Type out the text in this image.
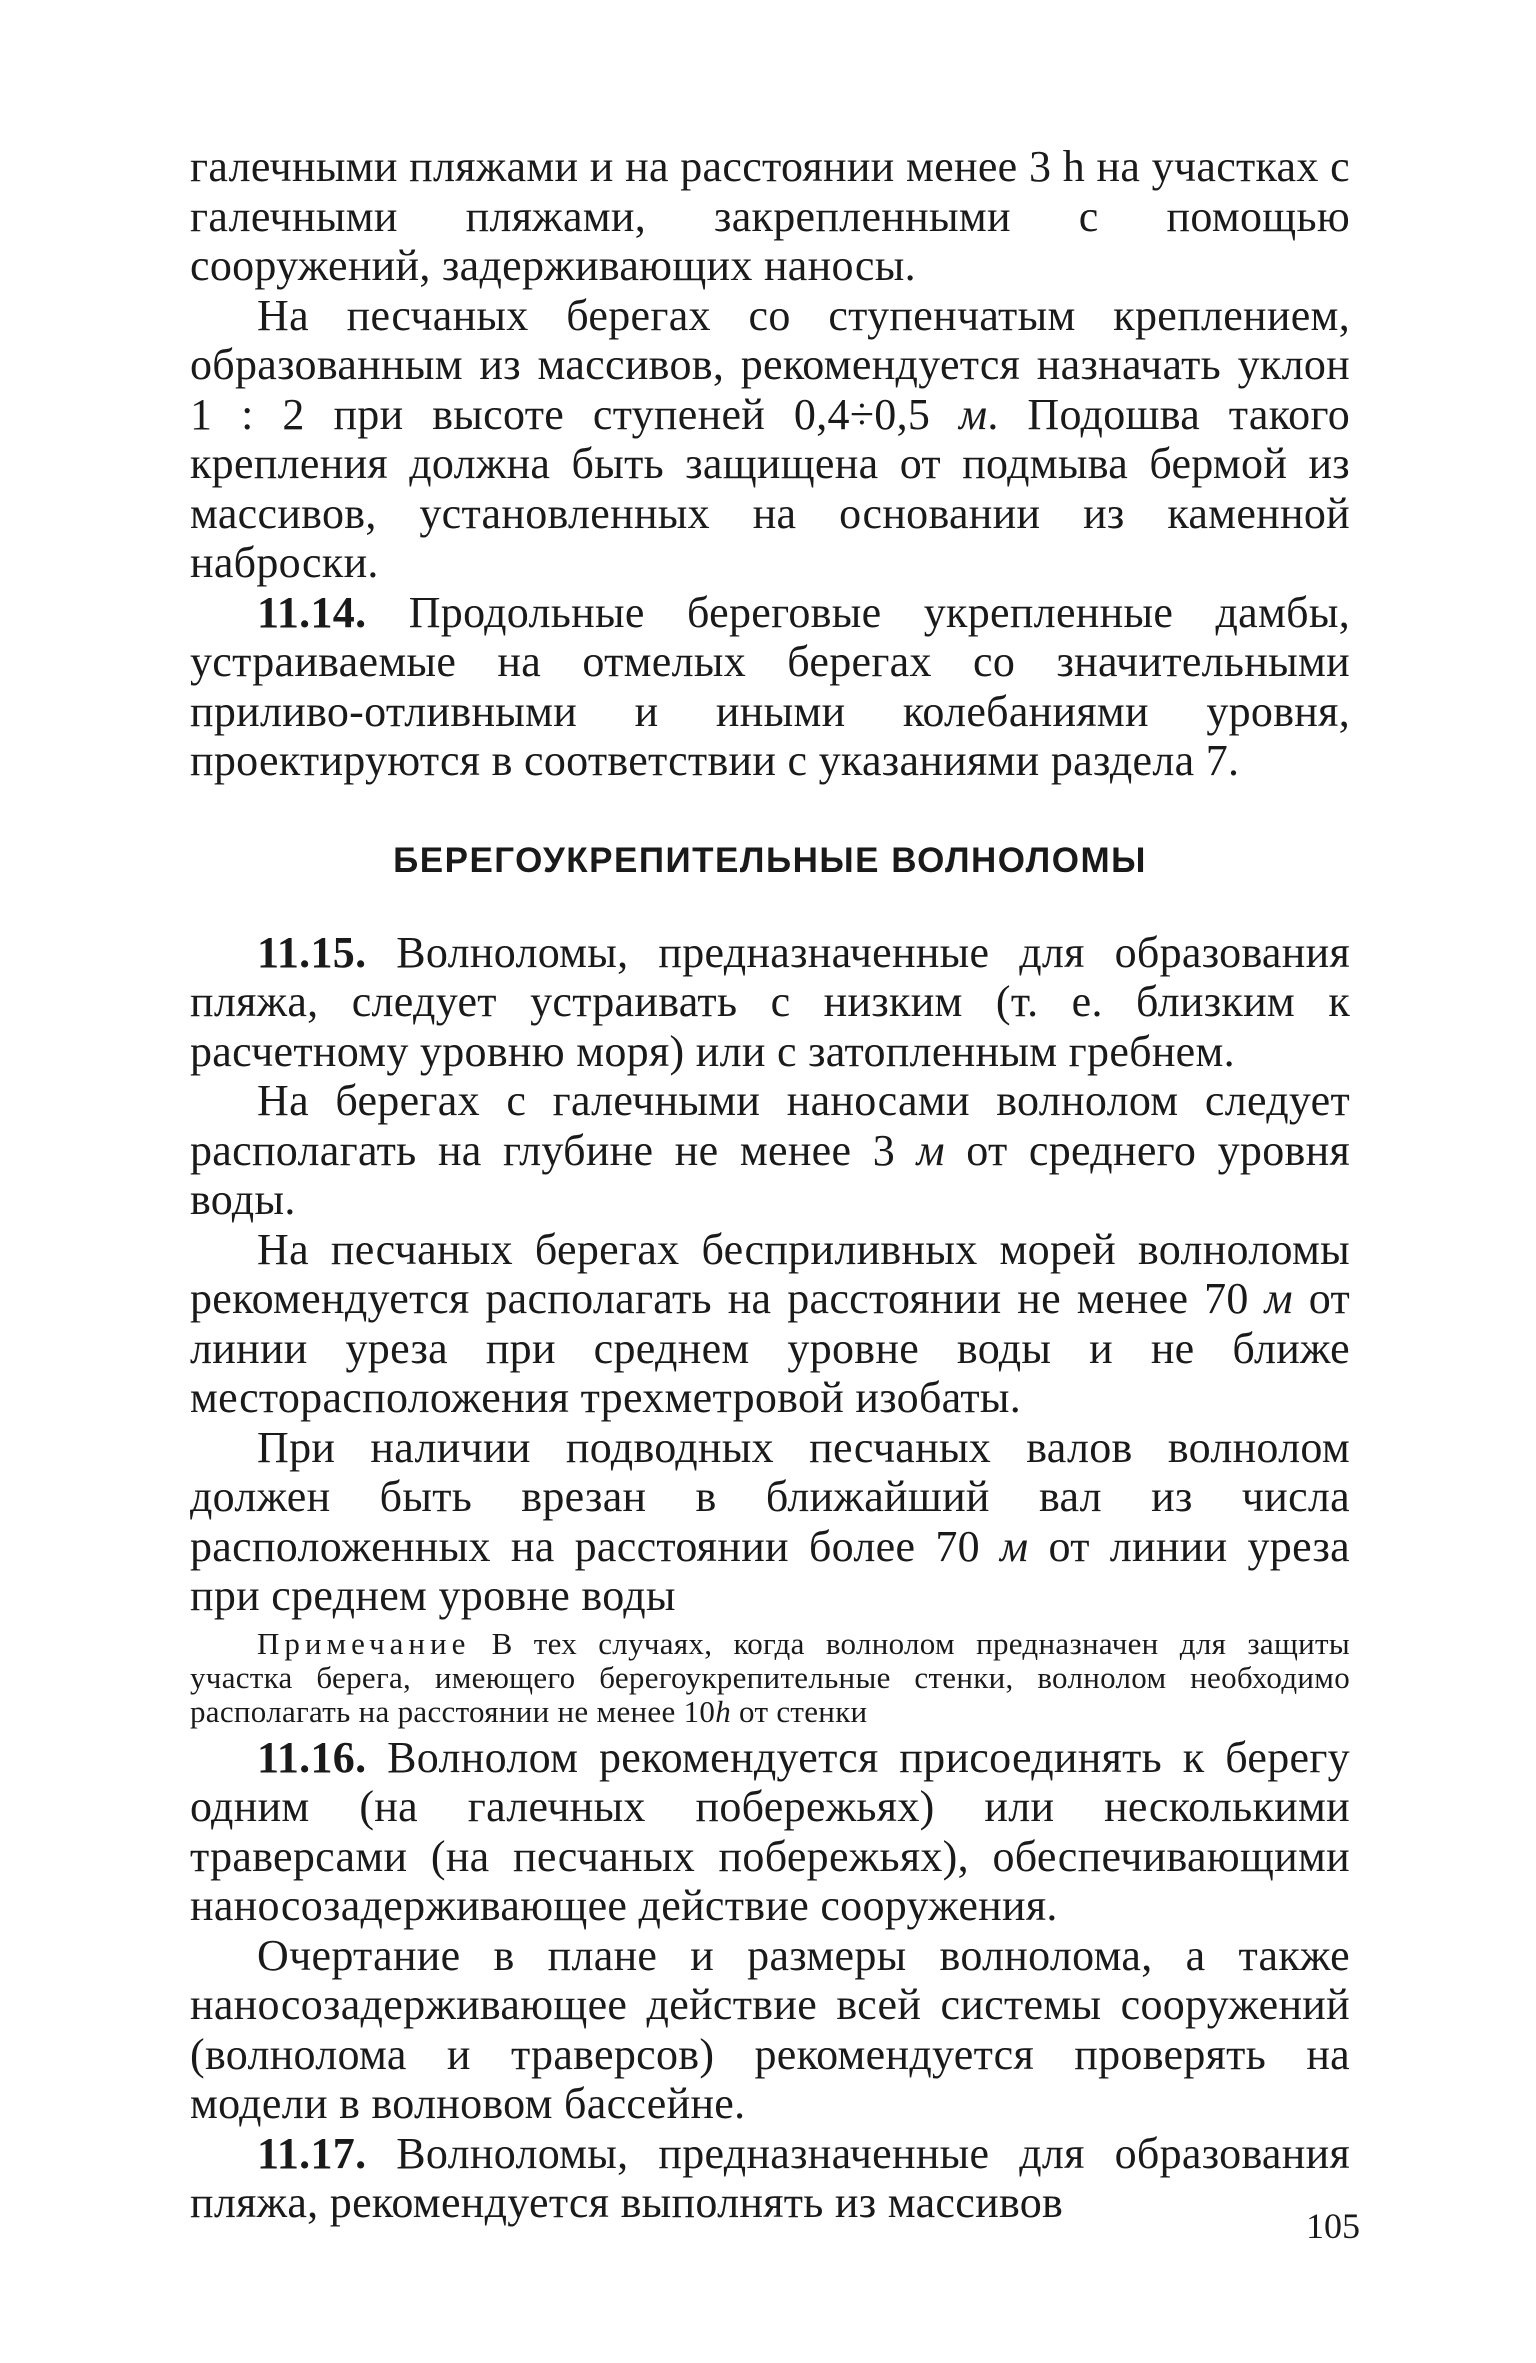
галечными пляжами и на расстоянии менее 3 h на участках с галечными пляжами, закрепленными с помощью сооружений, задерживающих наносы.

На песчаных берегах со ступенчатым креплением, образованным из массивов, рекомендуется назначать уклон 1 : 2 при высоте ступеней 0,4÷0,5 м. Подошва такого крепления должна быть защищена от подмыва бермой из массивов, установленных на основании из каменной наброски.

11.14. Продольные береговые укрепленные дамбы, устраиваемые на отмелых берегах со значительными приливо-отливными и иными колебаниями уровня, проектируются в соответствии с указаниями раздела 7.

БЕРЕГОУКРЕПИТЕЛЬНЫЕ ВОЛНОЛОМЫ

11.15. Волноломы, предназначенные для образования пляжа, следует устраивать с низким (т. е. близким к расчетному уровню моря) или с затопленным гребнем.

На берегах с галечными наносами волнолом следует располагать на глубине не менее 3 м от среднего уровня воды.

На песчаных берегах бесприливных морей волноломы рекомендуется располагать на расстоянии не менее 70 м от линии уреза при среднем уровне воды и не ближе месторасположения трехметровой изобаты.

При наличии подводных песчаных валов волнолом должен быть врезан в ближайший вал из числа расположенных на расстоянии более 70 м от линии уреза при среднем уровне воды

Примечание В тех случаях, когда волнолом предназначен для защиты участка берега, имеющего берегоукрепительные стенки, волнолом необходимо располагать на расстоянии не менее 10h от стенки

11.16. Волнолом рекомендуется присоединять к берегу одним (на галечных побережьях) или несколькими траверсами (на песчаных побережьях), обеспечивающими наносозадерживающее действие сооружения.

Очертание в плане и размеры волнолома, а также наносозадерживающее действие всей системы сооружений (волнолома и траверсов) рекомендуется проверять на модели в волновом бассейне.

11.17. Волноломы, предназначенные для образования пляжа, рекомендуется выполнять из массивов	105
